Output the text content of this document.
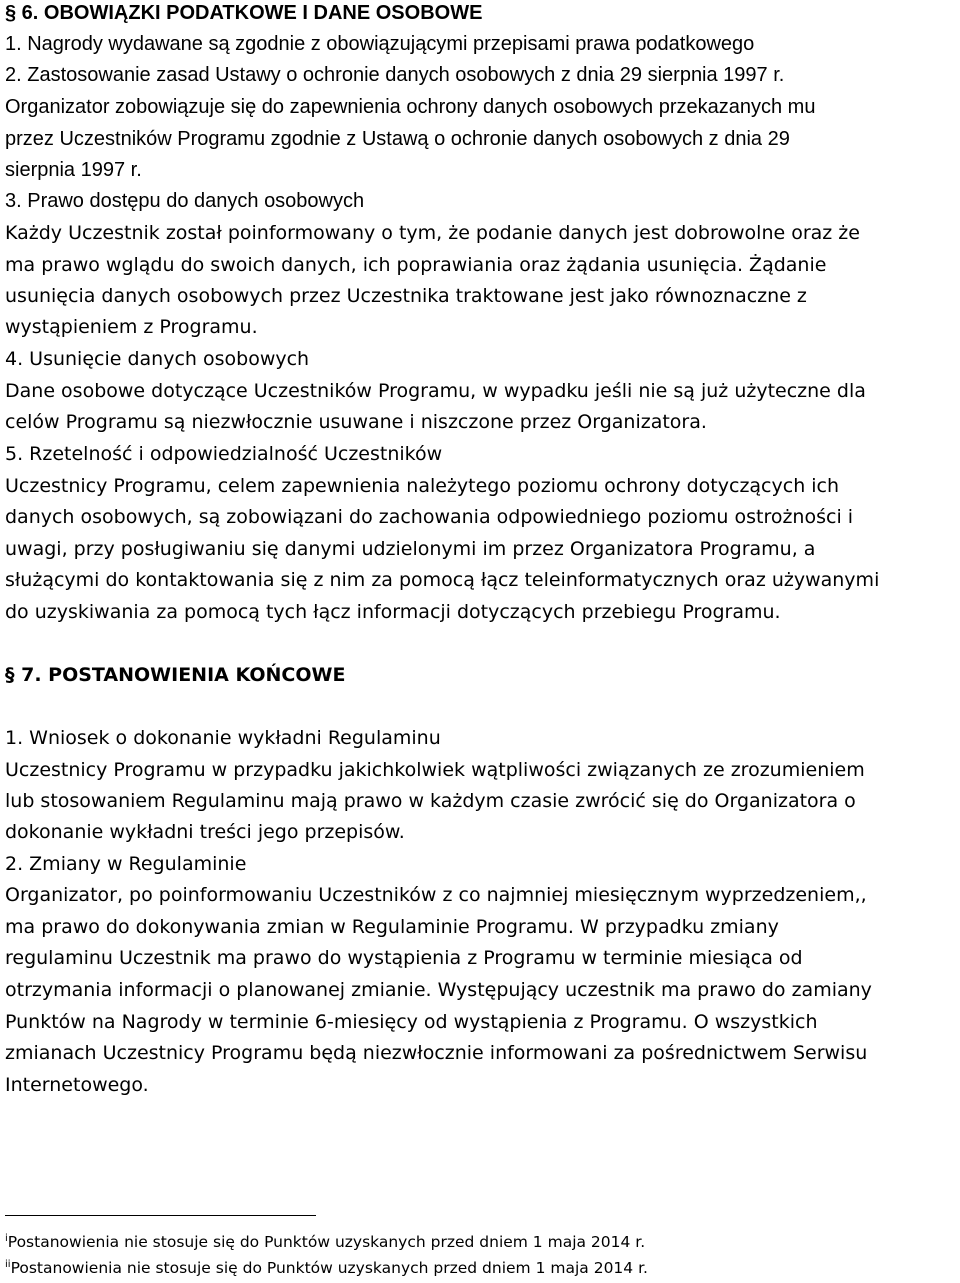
§ 6. OBOWIĄZKI PODATKOWE I DANE OSOBOWE
1. Nagrody wydawane są zgodnie z obowiązującymi przepisami prawa podatkowego
2. Zastosowanie zasad Ustawy o ochronie danych osobowych z dnia 29 sierpnia 1997 r.
Organizator zobowiązuje się do zapewnienia ochrony danych osobowych przekazanych mu
przez Uczestników Programu zgodnie z Ustawą o ochronie danych osobowych z dnia 29
sierpnia 1997 r.
3. Prawo dostępu do danych osobowych
Każdy Uczestnik został poinformowany o tym, że podanie danych jest dobrowolne oraz że
ma prawo wglądu do swoich danych, ich poprawiania oraz żądania usunięcia. Żądanie
usunięcia danych osobowych przez Uczestnika traktowane jest jako równoznaczne z
wystąpieniem z Programu.
4. Usunięcie danych osobowych
Dane osobowe dotyczące Uczestników Programu, w wypadku jeśli nie są już użyteczne dla
celów Programu są niezwłocznie usuwane i niszczone przez Organizatora.
5. Rzetelność i odpowiedzialność Uczestników
Uczestnicy Programu, celem zapewnienia należytego poziomu ochrony dotyczących ich
danych osobowych, są zobowiązani do zachowania odpowiedniego poziomu ostrożności i
uwagi, przy posługiwaniu się danymi udzielonymi im przez Organizatora Programu, a
służącymi do kontaktowania się z nim za pomocą łącz teleinformatycznych oraz używanymi
do uzyskiwania za pomocą tych łącz informacji dotyczących przebiegu Programu.
§ 7. POSTANOWIENIA KOŃCOWE
1. Wniosek o dokonanie wykładni Regulaminu
Uczestnicy Programu w przypadku jakichkolwiek wątpliwości związanych ze zrozumieniem
lub stosowaniem Regulaminu mają prawo w każdym czasie zwrócić się do Organizatora o
dokonanie wykładni treści jego przepisów.
2. Zmiany w Regulaminie
Organizator, po poinformowaniu Uczestników z co najmniej miesięcznym wyprzedzeniem,,
ma prawo do dokonywania zmian w Regulaminie Programu. W przypadku zmiany
regulaminu Uczestnik ma prawo do wystąpienia z Programu w terminie miesiąca od
otrzymania informacji o planowanej zmianie. Występujący uczestnik ma prawo do zamiany
Punktów na Nagrody w terminie 6-miesięcy od wystąpienia z Programu. O wszystkich
zmianach Uczestnicy Programu będą niezwłocznie informowani za pośrednictwem Serwisu
Internetowego.
$^i$Postanowienia nie stosuje się do Punktów uzyskanych przed dniem 1 maja 2014 r.
$^{ii}$Postanowienia nie stosuje się do Punktów uzyskanych przed dniem 1 maja 2014 r.
